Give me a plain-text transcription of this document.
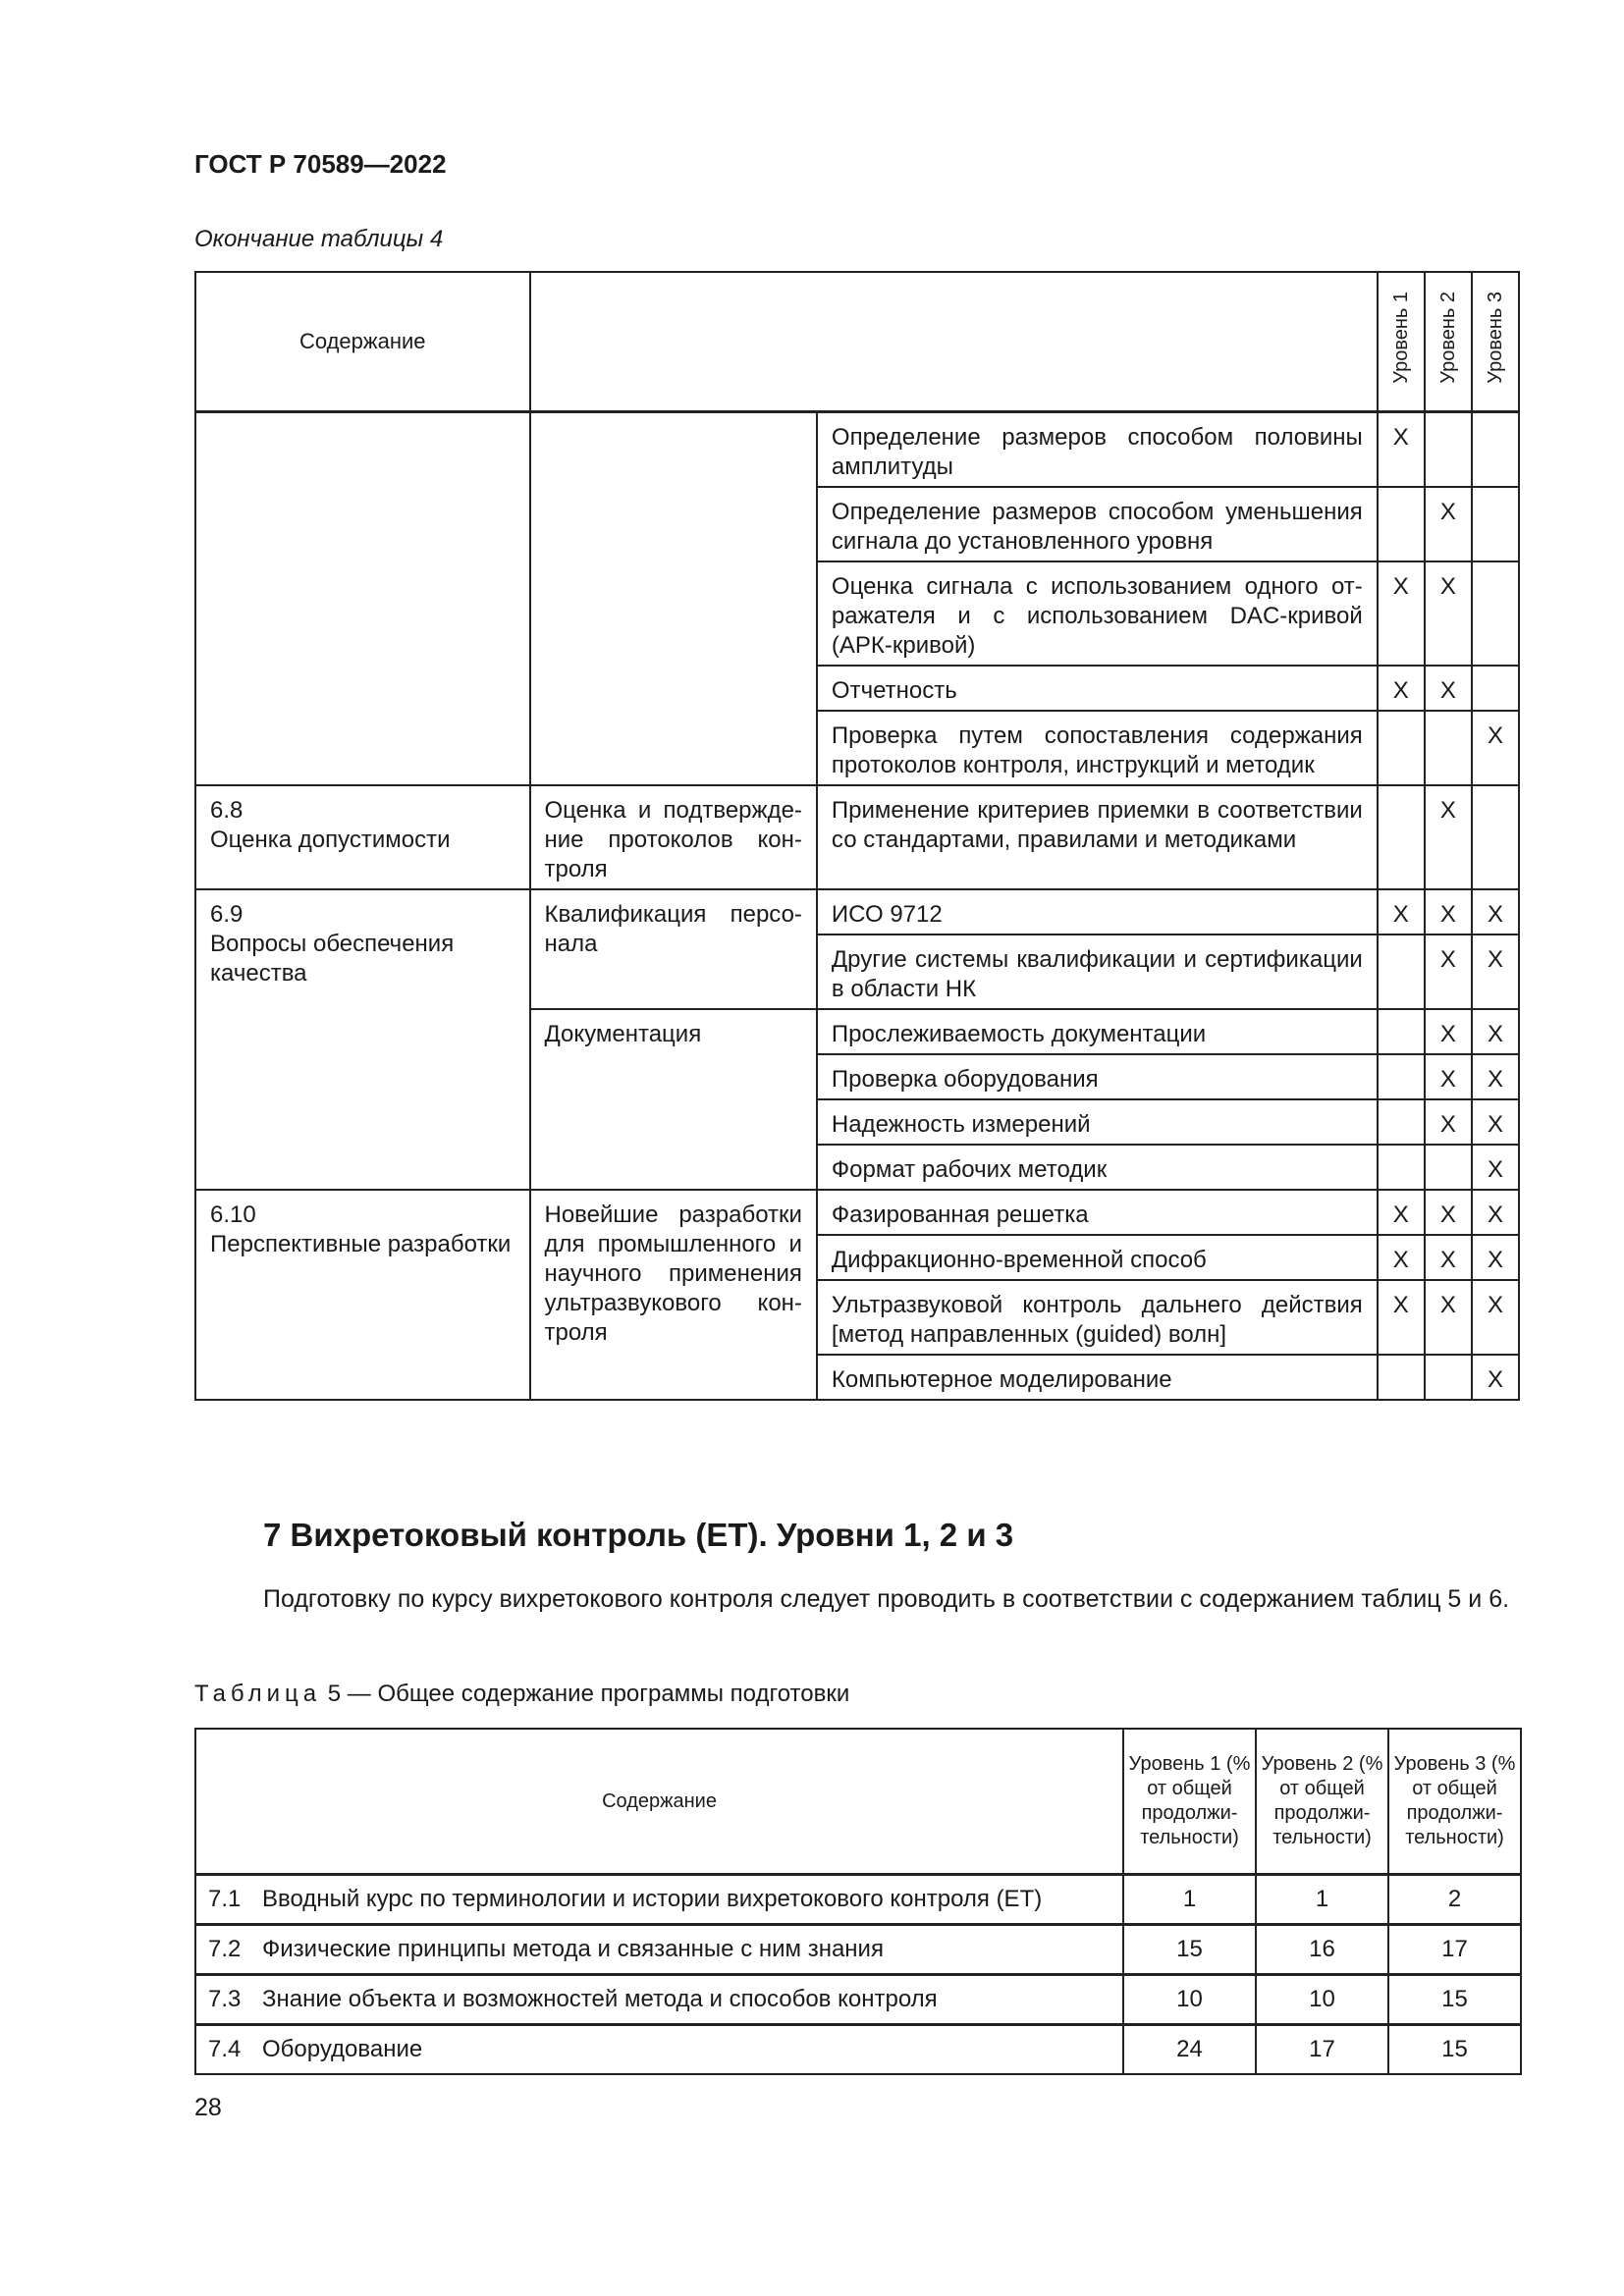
ГОСТ Р 70589—2022
Окончание таблицы 4
Содержание			Уровень 1	Уровень 2	Уровень 3
		Определение размеров способом половины амплитуды	X		
		Определение размеров способом уменьшения сигнала до установленного уровня		X	
		Оценка сигнала с использованием одного отражателя и с использованием DAC-кривой (АРК-кривой)	X	X	
		Отчетность	X	X	
		Проверка путем сопоставления содержания протоколов контроля, инструкций и методик			X

6.8
Оценка допустимости	Оценка и подтверждение протоколов контроля	Применение критериев приемки в соответствии со стандартами, правилами и методиками		X	

6.9
Вопросы обеспечения качества	Квалификация персонала	ИСО 9712	X	X	X
		Другие системы квалификации и сертификации в области НК		X	X
	Документация	Прослеживаемость документации		X	X
		Проверка оборудования		X	X
		Надежность измерений		X	X
		Формат рабочих методик			X

6.10
Перспективные разработки	Новейшие разработки для промышленного и научного применения ультразвукового контроля	Фазированная решетка	X	X	X
		Дифракционно-временной способ	X	X	X
		Ультразвуковой контроль дальнего действия [метод направленных (guided) волн]	X	X	X
		Компьютерное моделирование			X
7 Вихретоковый контроль (ЕТ). Уровни 1, 2 и 3
Подготовку по курсу вихретокового контроля следует проводить в соответствии с содержанием таблиц 5 и 6.
Таблица 5 — Общее содержание программы подготовки
Содержание		Уровень 1 (% от общей продолжительности)	Уровень 2 (% от общей продолжительности)	Уровень 3 (% от общей продолжительности)
7.1	Вводный курс по терминологии и истории вихретокового контроля (ЕТ)	1	1	2
7.2	Физические принципы метода и связанные с ним знания	15	16	17
7.3	Знание объекта и возможностей метода и способов контроля	10	10	15
7.4	Оборудование	24	17	15
28
